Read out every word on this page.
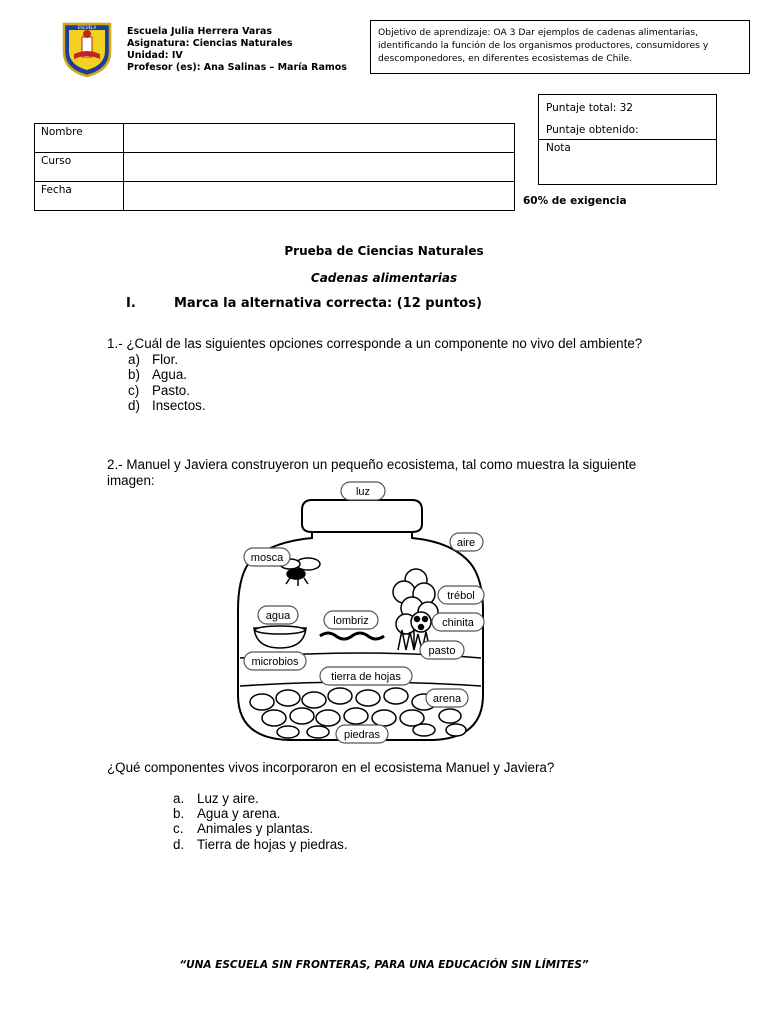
ESCUELA	Escuela Julia Herrera Varas
Asignatura: Ciencias Naturales
Unidad: IV
Profesor (es): Ana Salinas – María Ramos
Objetivo de aprendizaje: OA 3 Dar ejemplos de cadenas alimentarias, identificando la función de los organismos productores, consumidores y descomponedores, en diferentes ecosistemas de Chile.
Puntaje total: 32
Puntaje obtenido:
Nota
Nombre	
Curso	
Fecha	
60% de exigencia
Prueba de Ciencias Naturales
Cadenas alimentarias
I.	Marca la alternativa correcta: (12 puntos)
1.- ¿Cuál de las siguientes opciones corresponde a un componente no vivo del ambiente?
a) Flor.
b) Agua.
c) Pasto.
d) Insectos.
2.- Manuel y Javiera construyeron un pequeño ecosistema, tal como muestra la siguiente imagen:
luz
aire
mosca
trébol
agua	lombriz	chinita
pasto
microbios
tierra de hojas
arena
piedras
¿Qué componentes vivos incorporaron en el ecosistema Manuel y Javiera?
a. Luz y aire.
b. Agua y arena.
c.	Animales y plantas.
d. Tierra de hojas y piedras.
“UNA ESCUELA SIN FRONTERAS, PARA UNA EDUCACIÓN SIN LÍMITES”
